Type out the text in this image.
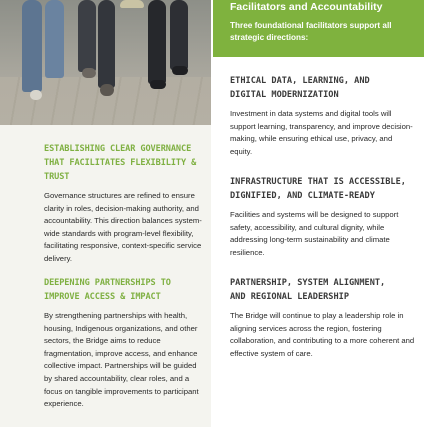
ESTABLISHING CLEAR GOVERNANCE
THAT FACILITATES FLEXIBILITY & TRUST

Governance structures are refined to ensure clarity in roles, decision-making authority, and accountability. This direction balances system-wide standards with program-level flexibility, facilitating responsive, context-specific service delivery.

DEEPENING PARTNERSHIPS TO
IMPROVE ACCESS & IMPACT

By strengthening partnerships with health, housing, Indigenous organizations, and other sectors, the Bridge aims to reduce fragmentation, improve access, and enhance collective impact. Partnerships will be guided by shared accountability, clear roles, and a focus on tangible improvements to participant experience.

Facilitators and Accountability

Three foundational facilitators support all strategic directions:

ETHICAL DATA, LEARNING, AND
DIGITAL MODERNIZATION

Investment in data systems and digital tools will support learning, transparency, and improve decision-making, while ensuring ethical use, privacy, and equity.

INFRASTRUCTURE THAT IS ACCESSIBLE,
DIGNIFIED, AND CLIMATE-READY

Facilities and systems will be designed to support safety, accessibility, and cultural dignity, while addressing long-term sustainability and climate resilience.

PARTNERSHIP, SYSTEM ALIGNMENT,
AND REGIONAL LEADERSHIP

The Bridge will continue to play a leadership role in aligning services across the region, fostering collaboration, and contributing to a more coherent and effective system of care.
